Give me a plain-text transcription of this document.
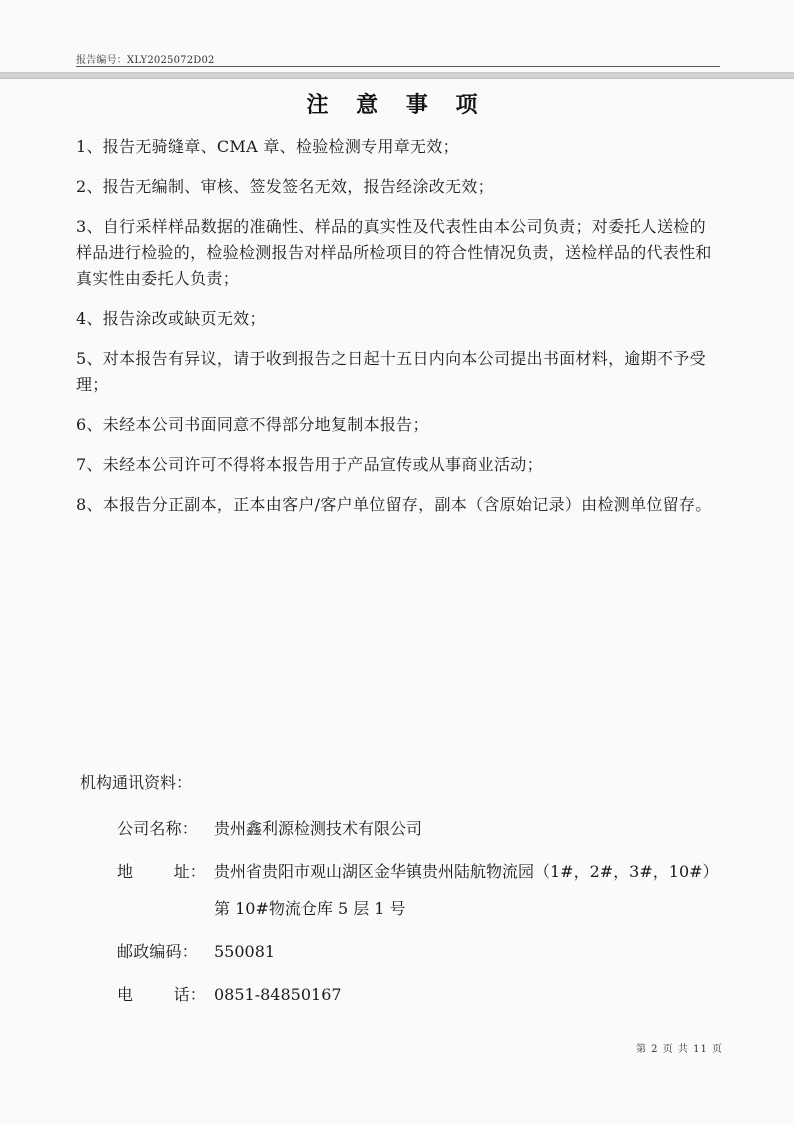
报告编号：XLY2025072D02
注 意 事 项
1、报告无骑缝章、CMA 章、检验检测专用章无效；
2、报告无编制、审核、签发签名无效，报告经涂改无效；
3、自行采样样品数据的准确性、样品的真实性及代表性由本公司负责；对委托人送检的样品进行检验的，检验检测报告对样品所检项目的符合性情况负责，送检样品的代表性和真实性由委托人负责；
4、报告涂改或缺页无效；
5、对本报告有异议，请于收到报告之日起十五日内向本公司提出书面材料，逾期不予受理；
6、未经本公司书面同意不得部分地复制本报告；
7、未经本公司许可不得将本报告用于产品宣传或从事商业活动；
8、本报告分正副本，正本由客户/客户单位留存，副本（含原始记录）由检测单位留存。
机构通讯资料：
公司名称： 贵州鑫利源检测技术有限公司
地	址： 贵州省贵阳市观山湖区金华镇贵州陆航物流园（1#，2#，3#，10#）
第 10#物流仓库 5 层 1 号
邮政编码： 550081
电	话： 0851-84850167
第 2 页 共 11 页
